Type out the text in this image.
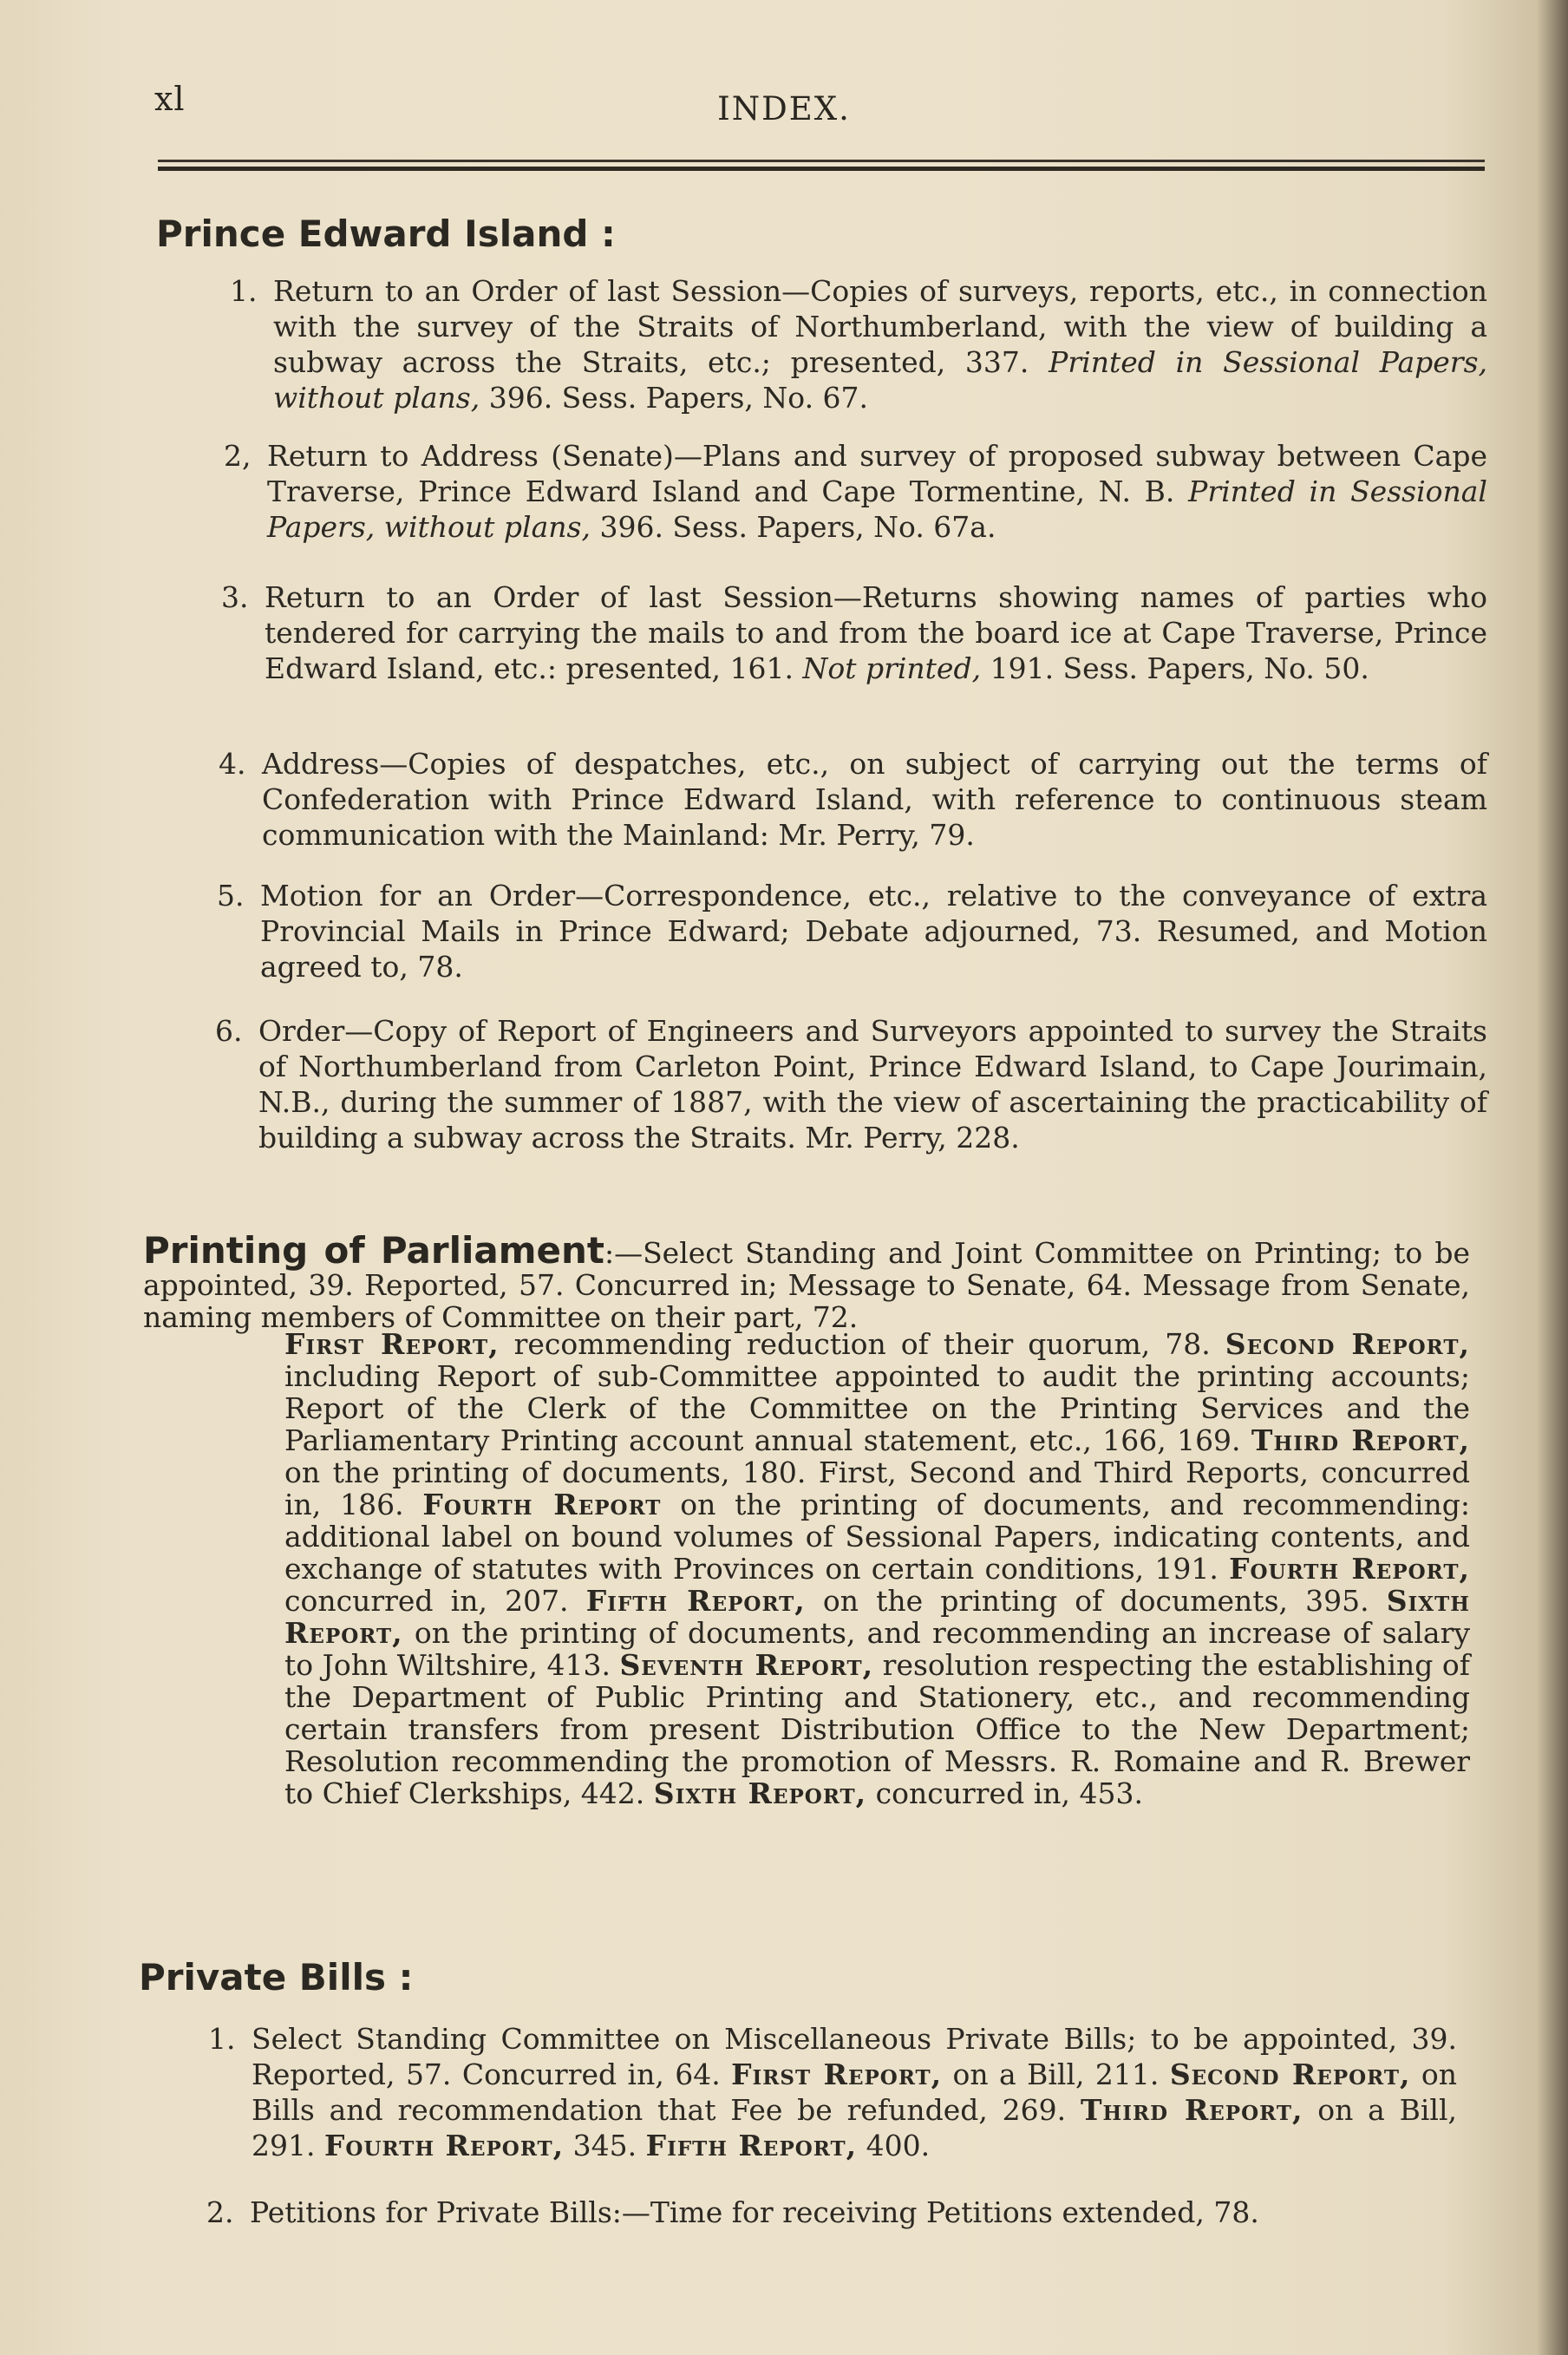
xl	INDEX.
Prince Edward Island :
1. Return to an Order of last Session—Copies of surveys, reports, etc., in connection with the survey of the Straits of Northumberland, with the view of building a subway across the Straits, etc.; presented, 337. Printed in Sessional Papers, without plans, 396. Sess. Papers, No. 67.
2, Return to Address (Senate)—Plans and survey of proposed subway between Cape Traverse, Prince Edward Island and Cape Tormentine, N. B. Printed in Sessional Papers, without plans, 396. Sess. Papers, No. 67a.
3. Return to an Order of last Session—Returns showing names of parties who tendered for carrying the mails to and from the board ice at Cape Traverse, Prince Edward Island, etc.: presented, 161. Not printed, 191. Sess. Papers, No. 50.
4. Address—Copies of despatches, etc., on subject of carrying out the terms of Confederation with Prince Edward Island, with reference to continuous steam communication with the Mainland: Mr. Perry, 79.
5. Motion for an Order—Correspondence, etc., relative to the conveyance of extra Provincial Mails in Prince Edward; Debate adjourned, 73. Resumed, and Motion agreed to, 78.
6. Order—Copy of Report of Engineers and Surveyors appointed to survey the Straits of Northumberland from Carleton Point, Prince Edward Island, to Cape Jourimain, N.B., during the summer of 1887, with the view of ascertaining the practicability of building a subway across the Straits. Mr. Perry, 228.
Printing of Parliament:—Select Standing and Joint Committee on Printing; to be appointed, 39. Reported, 57. Concurred in; Message to Senate, 64. Message from Senate, naming members of Committee on their part, 72.
First Report, recommending reduction of their quorum, 78. Second Report, including Report of sub-Committee appointed to audit the printing accounts; Report of the Clerk of the Committee on the Printing Services and the Parliamentary Printing account annual statement, etc., 166, 169. Third Report, on the printing of documents, 180. First, Second and Third Reports, concurred in, 186. Fourth Report on the printing of documents, and recommending: additional label on bound volumes of Sessional Papers, indicating contents, and exchange of statutes with Provinces on certain conditions, 191. Fourth Report, concurred in, 207. Fifth Report, on the printing of documents, 395. Sixth Report, on the printing of documents, and recommending an increase of salary to John Wiltshire, 413. Seventh Report, resolution respecting the establishing of the Department of Public Printing and Stationery, etc., and recommending certain transfers from present Distribution Office to the New Department; Resolution recommending the promotion of Messrs. R. Romaine and R. Brewer to Chief Clerkships, 442. Sixth Report, concurred in, 453.
Private Bills :
1. Select Standing Committee on Miscellaneous Private Bills; to be appointed, 39. Reported, 57. Concurred in, 64. First Report, on a Bill, 211. Second Report, on Bills and recommendation that Fee be refunded, 269. Third Report, on a Bill, 291. Fourth Report, 345. Fifth Report, 400.
2. Petitions for Private Bills:—Time for receiving Petitions extended, 78.
